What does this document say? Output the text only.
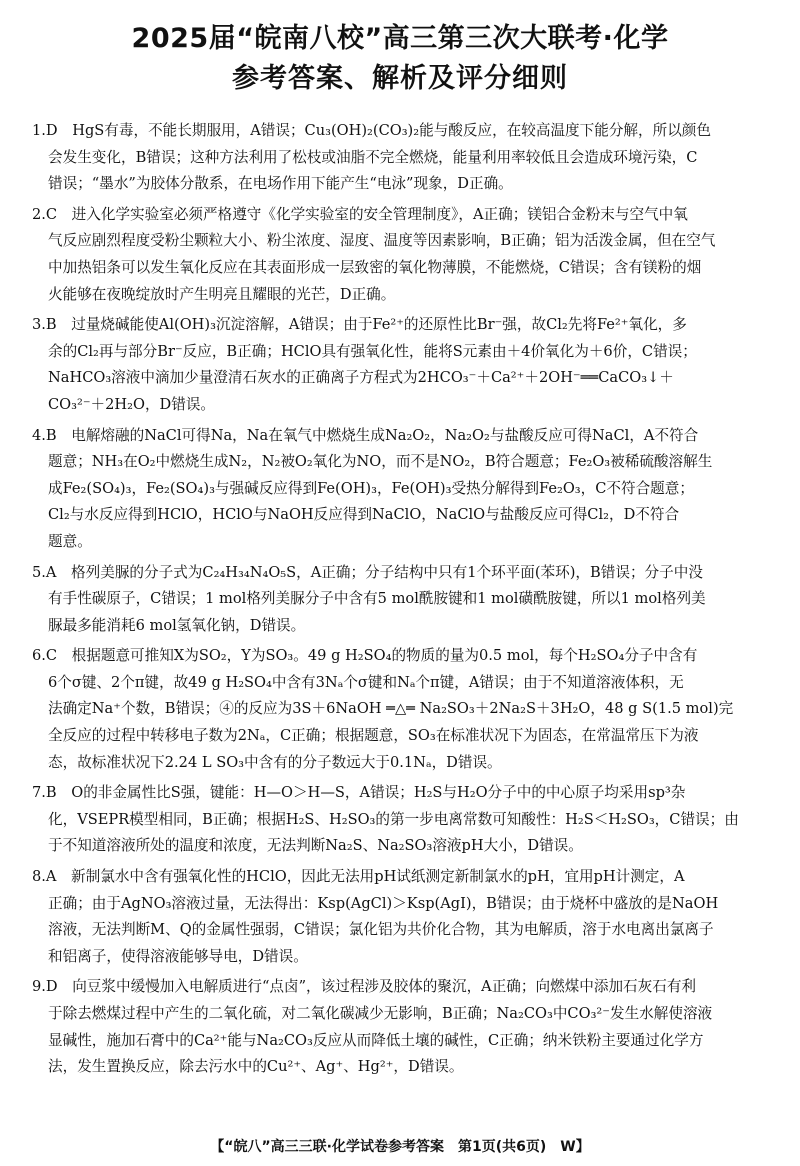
2025届“皖南八校”高三第三次大联考·化学
参考答案、解析及评分细则
1.D　HgS有毒，不能长期服用，A错误；Cu₃(OH)₂(CO₃)₂能与酸反应，在较高温度下能分解，所以颜色
会发生变化，B错误；这种方法利用了松枝或油脂不完全燃烧，能量利用率较低且会造成环境污染，C
错误；“墨水”为胶体分散系，在电场作用下能产生“电泳”现象，D正确。
2.C　进入化学实验室必须严格遵守《化学实验室的安全管理制度》，A正确；镁铝合金粉末与空气中氧
气反应剧烈程度受粉尘颗粒大小、粉尘浓度、湿度、温度等因素影响，B正确；铝为活泼金属，但在空气
中加热铝条可以发生氧化反应在其表面形成一层致密的氧化物薄膜，不能燃烧，C错误；含有镁粉的烟
火能够在夜晚绽放时产生明亮且耀眼的光芒，D正确。
3.B　过量烧碱能使Al(OH)₃沉淀溶解，A错误；由于Fe²⁺的还原性比Br⁻强，故Cl₂先将Fe²⁺氧化，多
余的Cl₂再与部分Br⁻反应，B正确；HClO具有强氧化性，能将S元素由＋4价氧化为＋6价，C错误；
NaHCO₃溶液中滴加少量澄清石灰水的正确离子方程式为2HCO₃⁻＋Ca²⁺＋2OH⁻══CaCO₃↓＋
CO₃²⁻＋2H₂O，D错误。
4.B　电解熔融的NaCl可得Na，Na在氧气中燃烧生成Na₂O₂，Na₂O₂与盐酸反应可得NaCl，A不符合
题意；NH₃在O₂中燃烧生成N₂，N₂被O₂氧化为NO，而不是NO₂，B符合题意；Fe₂O₃被稀硫酸溶解生
成Fe₂(SO₄)₃，Fe₂(SO₄)₃与强碱反应得到Fe(OH)₃，Fe(OH)₃受热分解得到Fe₂O₃，C不符合题意；
Cl₂与水反应得到HClO，HClO与NaOH反应得到NaClO，NaClO与盐酸反应可得Cl₂，D不符合
题意。
5.A　格列美脲的分子式为C₂₄H₃₄N₄O₅S，A正确；分子结构中只有1个环平面(苯环)，B错误；分子中没
有手性碳原子，C错误；1 mol格列美脲分子中含有5 mol酰胺键和1 mol磺酰胺键，所以1 mol格列美
脲最多能消耗6 mol氢氧化钠，D错误。
6.C　根据题意可推知X为SO₂，Y为SO₃。49 g H₂SO₄的物质的量为0.5 mol，每个H₂SO₄分子中含有
6个σ键、2个π键，故49 g H₂SO₄中含有3Nₐ个σ键和Nₐ个π键，A错误；由于不知道溶液体积，无
法确定Na⁺个数，B错误；④的反应为3S＋6NaOH ═△═ Na₂SO₃＋2Na₂S＋3H₂O，48 g S(1.5 mol)完
全反应的过程中转移电子数为2Nₐ，C正确；根据题意，SO₃在标准状况下为固态，在常温常压下为液
态，故标准状况下2.24 L SO₃中含有的分子数远大于0.1Nₐ，D错误。
7.B　O的非金属性比S强，键能：H—O＞H—S，A错误；H₂S与H₂O分子中的中心原子均采用sp³杂
化，VSEPR模型相同，B正确；根据H₂S、H₂SO₃的第一步电离常数可知酸性：H₂S＜H₂SO₃，C错误；由
于不知道溶液所处的温度和浓度，无法判断Na₂S、Na₂SO₃溶液pH大小，D错误。
8.A　新制氯水中含有强氧化性的HClO，因此无法用pH试纸测定新制氯水的pH，宜用pH计测定，A
正确；由于AgNO₃溶液过量，无法得出：Ksp(AgCl)＞Ksp(AgI)，B错误；由于烧杯中盛放的是NaOH
溶液，无法判断M、Q的金属性强弱，C错误；氯化铝为共价化合物，其为电解质，溶于水电离出氯离子
和铝离子，使得溶液能够导电，D错误。
9.D　向豆浆中缓慢加入电解质进行“点卤”，该过程涉及胶体的聚沉，A正确；向燃煤中添加石灰石有利
于除去燃煤过程中产生的二氧化硫，对二氧化碳减少无影响，B正确；Na₂CO₃中CO₃²⁻发生水解使溶液
显碱性，施加石膏中的Ca²⁺能与Na₂CO₃反应从而降低土壤的碱性，C正确；纳米铁粉主要通过化学方
法，发生置换反应，除去污水中的Cu²⁺、Ag⁺、Hg²⁺，D错误。
【“皖八”高三三联·化学试卷参考答案　第1页(共6页)　W】
